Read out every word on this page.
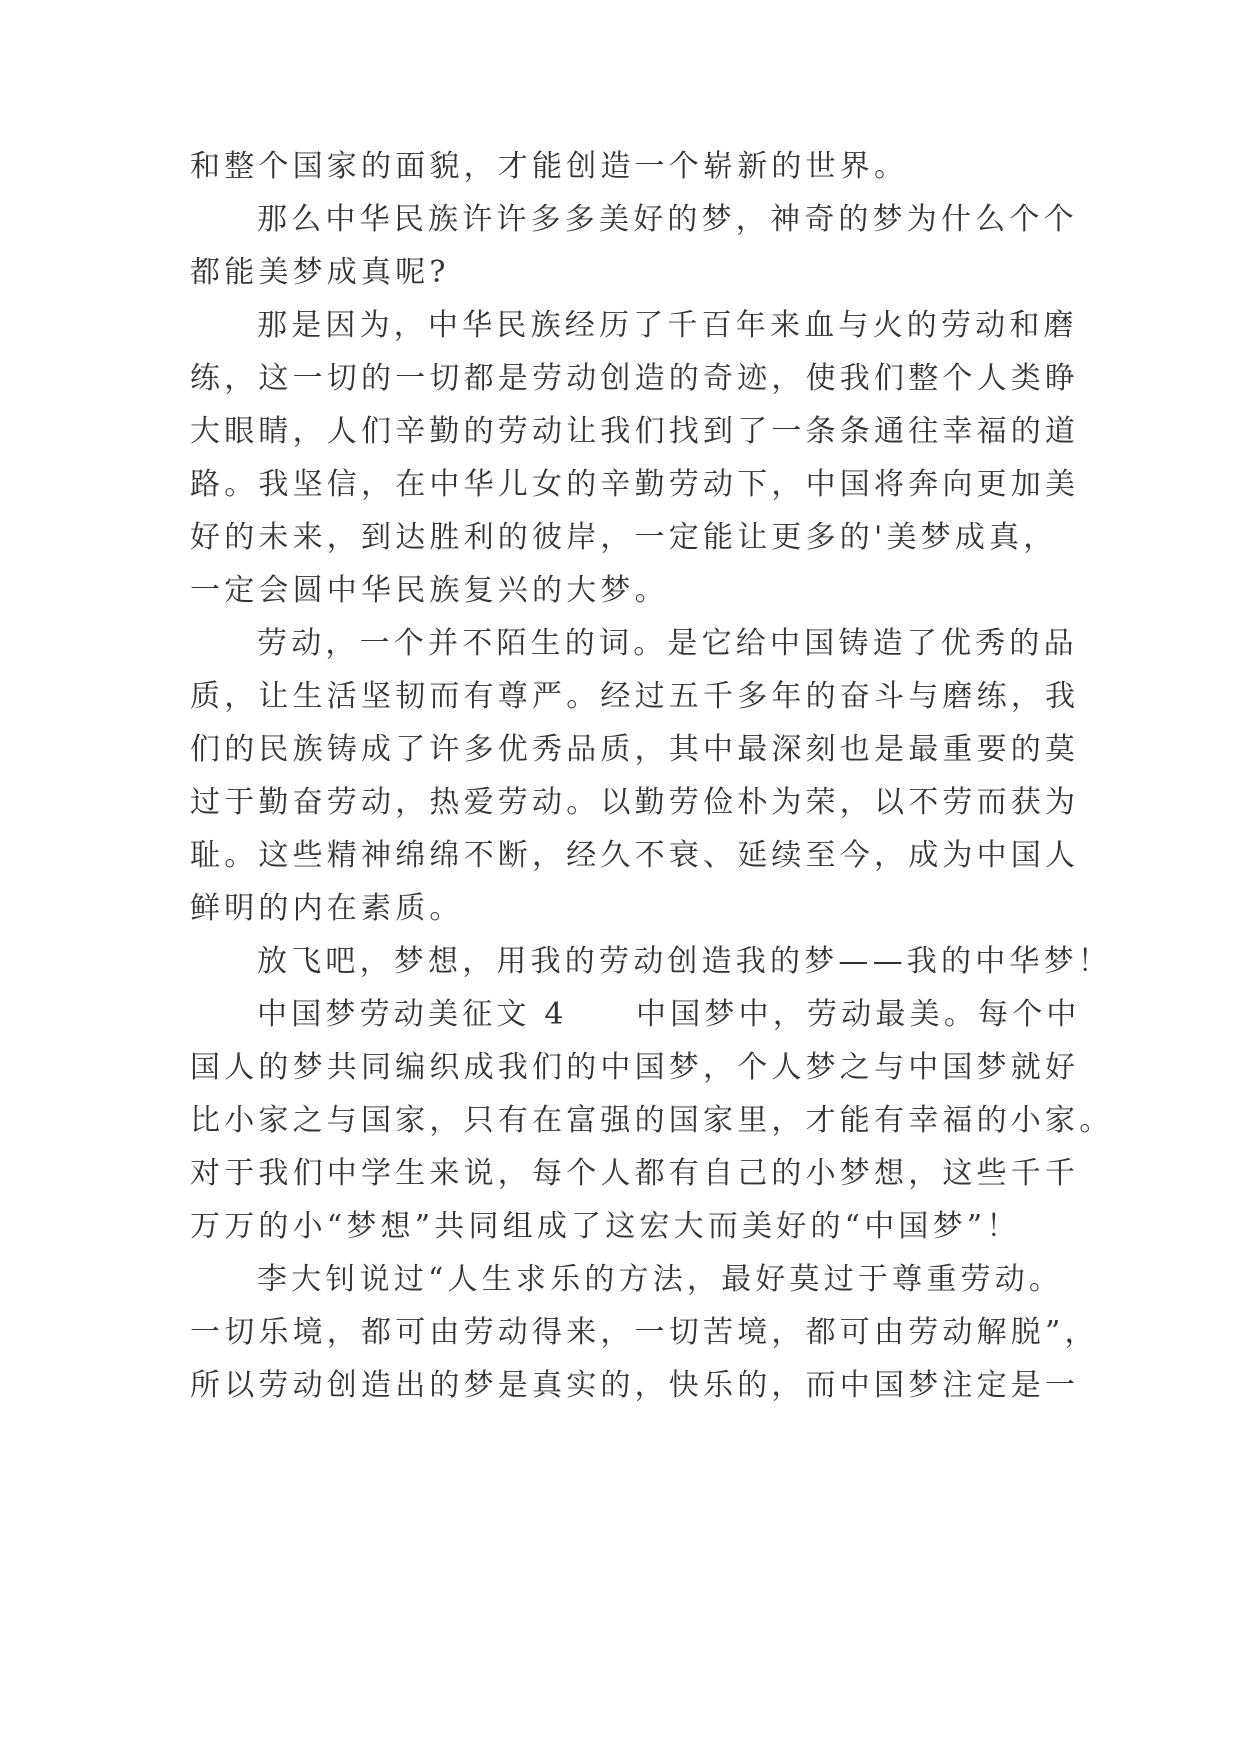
和整个国家的面貌，才能创造一个崭新的世界。
那么中华民族许许多多美好的梦，神奇的梦为什么个个
都能美梦成真呢?
那是因为，中华民族经历了千百年来血与火的劳动和磨
练，这一切的一切都是劳动创造的奇迹，使我们整个人类睁
大眼睛，人们辛勤的劳动让我们找到了一条条通往幸福的道
路。我坚信，在中华儿女的辛勤劳动下，中国将奔向更加美
好的未来，到达胜利的彼岸，一定能让更多的'美梦成真，
一定会圆中华民族复兴的大梦。
劳动，一个并不陌生的词。是它给中国铸造了优秀的品
质，让生活坚韧而有尊严。经过五千多年的奋斗与磨练，我
们的民族铸成了许多优秀品质，其中最深刻也是最重要的莫
过于勤奋劳动，热爱劳动。以勤劳俭朴为荣，以不劳而获为
耻。这些精神绵绵不断，经久不衰、延续至今，成为中国人
鲜明的内在素质。
放飞吧，梦想，用我的劳动创造我的梦——我的中华梦！
中国梦劳动美征文 4　　中国梦中，劳动最美。每个中
国人的梦共同编织成我们的中国梦，个人梦之与中国梦就好
比小家之与国家，只有在富强的国家里，才能有幸福的小家。
对于我们中学生来说，每个人都有自己的小梦想，这些千千
万万的小“梦想”共同组成了这宏大而美好的“中国梦”！
李大钊说过“人生求乐的方法，最好莫过于尊重劳动。
一切乐境，都可由劳动得来，一切苦境，都可由劳动解脱”，
所以劳动创造出的梦是真实的，快乐的，而中国梦注定是一
